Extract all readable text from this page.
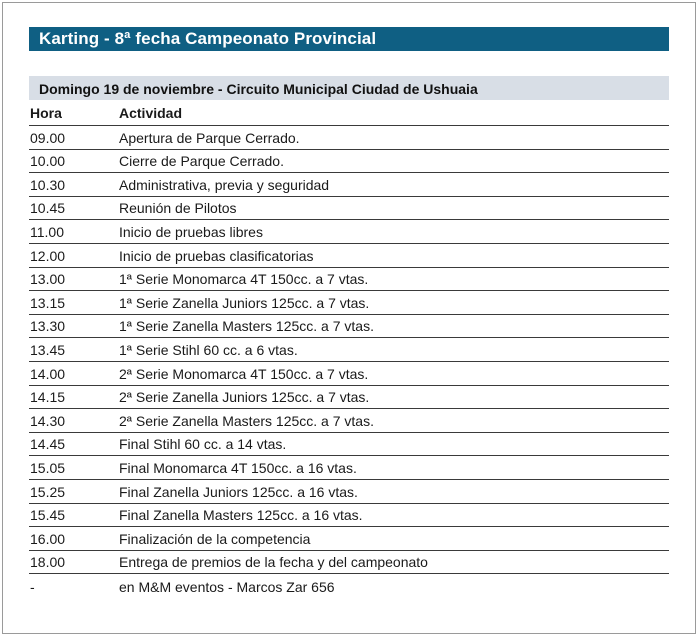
Karting - 8ª fecha Campeonato Provincial
Domingo 19 de noviembre - Circuito Municipal Ciudad de Ushuaia
Hora	Actividad
09.00	Apertura de Parque Cerrado.
10.00	Cierre de Parque Cerrado.
10.30	Administrativa, previa y seguridad
10.45	Reunión de Pilotos
11.00	Inicio de pruebas libres
12.00	Inicio de pruebas clasificatorias
13.00	1ª Serie Monomarca 4T 150cc. a 7 vtas.
13.15	1ª Serie Zanella Juniors 125cc. a 7 vtas.
13.30	1ª Serie Zanella Masters 125cc. a 7 vtas.
13.45	1ª Serie Stihl 60 cc. a 6 vtas.
14.00	2ª Serie Monomarca 4T 150cc. a 7 vtas.
14.15	2ª Serie Zanella Juniors 125cc. a 7 vtas.
14.30	2ª Serie Zanella Masters 125cc. a 7 vtas.
14.45	Final Stihl 60 cc. a 14 vtas.
15.05	Final Monomarca 4T 150cc. a 16 vtas.
15.25	Final Zanella Juniors 125cc. a 16 vtas.
15.45	Final Zanella Masters 125cc. a 16 vtas.
16.00	Finalización de la competencia
18.00	Entrega de premios de la fecha y del campeonato
-	en M&M eventos - Marcos Zar 656
